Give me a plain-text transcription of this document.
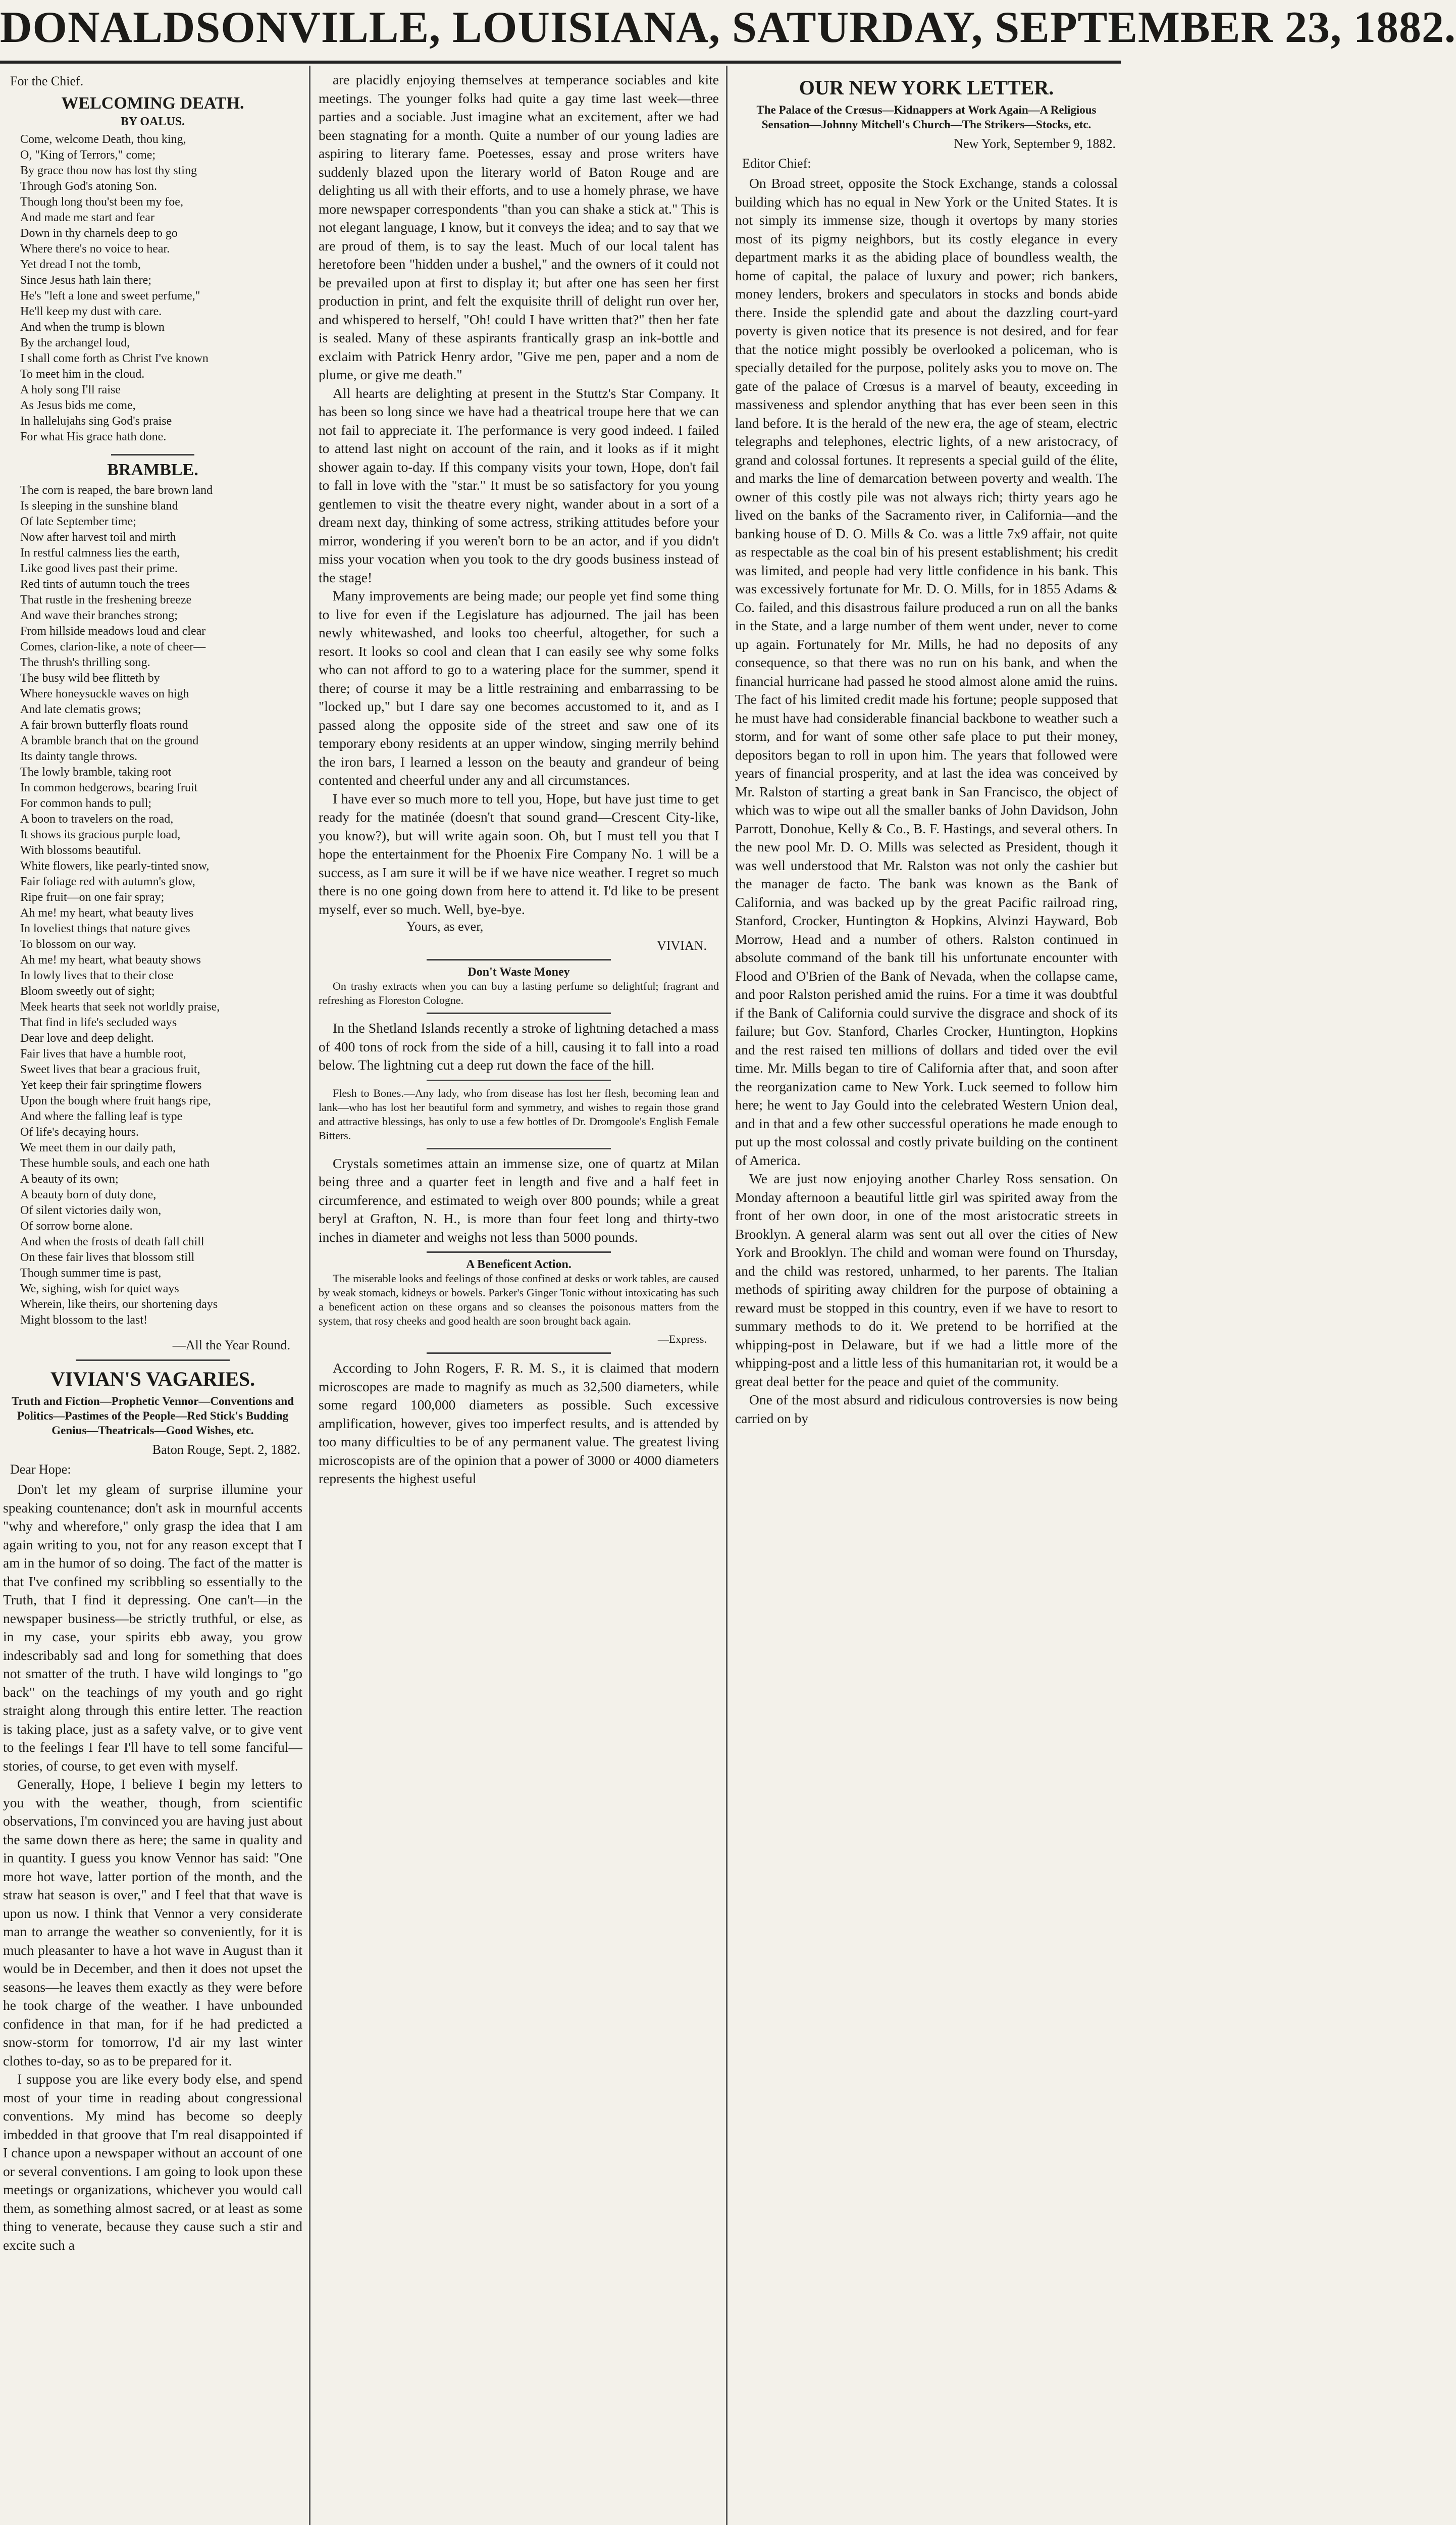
DONALDSONVILLE, LOUISIANA, SATURDAY, SEPTEMBER 23, 1882.
For the Chief.
WELCOMING DEATH.
BY OALUS.
Come, welcome Death, thou king,
O, "King of Terrors," come;
By grace thou now has lost thy sting
Through God's atoning Son.
Though long thou'st been my foe,
And made me start and fear
Down in thy charnels deep to go
Where there's no voice to hear.
Yet dread I not the tomb,
Since Jesus hath lain there;
He's "left a lone and sweet perfume,"
He'll keep my dust with care.
And when the trump is blown
By the archangel loud,
I shall come forth as Christ I've known
To meet him in the cloud.
A holy song I'll raise
As Jesus bids me come,
In hallelujahs sing God's praise
For what His grace hath done.
BRAMBLE.
The corn is reaped, the bare brown land
Is sleeping in the sunshine bland
Of late September time;
Now after harvest toil and mirth
In restful calmness lies the earth,
Like good lives past their prime.
Red tints of autumn touch the trees
That rustle in the freshening breeze
And wave their branches strong;
From hillside meadows loud and clear
Comes, clarion-like, a note of cheer—
The thrush's thrilling song.
The busy wild bee flitteth by
Where honeysuckle waves on high
And late clematis grows;
A fair brown butterfly floats round
A bramble branch that on the ground
Its dainty tangle throws.
The lowly bramble, taking root
In common hedgerows, bearing fruit
For common hands to pull;
A boon to travelers on the road,
It shows its gracious purple load,
With blossoms beautiful.
White flowers, like pearly-tinted snow,
Fair foliage red with autumn's glow,
Ripe fruit—on one fair spray;
Ah me! my heart, what beauty lives
In loveliest things that nature gives
To blossom on our way.
Ah me! my heart, what beauty shows
In lowly lives that to their close
Bloom sweetly out of sight;
Meek hearts that seek not worldly praise,
That find in life's secluded ways
Dear love and deep delight.
Fair lives that have a humble root,
Sweet lives that bear a gracious fruit,
Yet keep their fair springtime flowers
Upon the bough where fruit hangs ripe,
And where the falling leaf is type
Of life's decaying hours.
We meet them in our daily path,
These humble souls, and each one hath
A beauty of its own;
A beauty born of duty done,
Of silent victories daily won,
Of sorrow borne alone.
And when the frosts of death fall chill
On these fair lives that blossom still
Though summer time is past,
We, sighing, wish for quiet ways
Wherein, like theirs, our shortening days
Might blossom to the last!
—All the Year Round.
VIVIAN'S VAGARIES.
Truth and Fiction—Prophetic Vennor—Conventions and Politics—Pastimes of the People—Red Stick's Budding Genius—Theatricals—Good Wishes, etc.
Baton Rouge, Sept. 2, 1882.
Dear Hope:

Don't let my gleam of surprise illumine your speaking countenance; don't ask in mournful accents "why and wherefore," only grasp the idea that I am again writing to you, not for any reason except that I am in the humor of so doing. The fact of the matter is that I've confined my scribbling so essentially to the Truth, that I find it depressing. One can't—in the newspaper business—be strictly truthful, or else, as in my case, your spirits ebb away, you grow indescribably sad and long for something that does not smatter of the truth. I have wild longings to "go back" on the teachings of my youth and go right straight along through this entire letter. The reaction is taking place, just as a safety valve, or to give vent to the feelings I fear I'll have to tell some fanciful—stories, of course, to get even with myself.

Generally, Hope, I believe I begin my letters to you with the weather, though, from scientific observations, I'm convinced you are having just about the same down there as here; the same in quality and in quantity. I guess you know Vennor has said: "One more hot wave, latter portion of the month, and the straw hat season is over," and I feel that that wave is upon us now. I think that Vennor a very considerate man to arrange the weather so conveniently, for it is much pleasanter to have a hot wave in August than it would be in December, and then it does not upset the seasons—he leaves them exactly as they were before he took charge of the weather. I have unbounded confidence in that man, for if he had predicted a snow-storm for tomorrow, I'd air my last winter clothes to-day, so as to be prepared for it.

I suppose you are like every body else, and spend most of your time in reading about congressional conventions. My mind has become so deeply imbedded in that groove that I'm real disappointed if I chance upon a newspaper without an account of one or several conventions. I am going to look upon these meetings or organizations, whichever you would call them, as something almost sacred, or at least as some thing to venerate, because they cause such a stir and excite such a

are placidly enjoying themselves at temperance sociables and kite meetings. The younger folks had quite a gay time last week—three parties and a sociable. Just imagine what an excitement, after we had been stagnating for a month. Quite a number of our young ladies are aspiring to literary fame. Poetesses, essay and prose writers have suddenly blazed upon the literary world of Baton Rouge and are delighting us all with their efforts, and to use a homely phrase, we have more newspaper correspondents "than you can shake a stick at." This is not elegant language, I know, but it conveys the idea; and to say that we are proud of them, is to say the least. Much of our local talent has heretofore been "hidden under a bushel," and the owners of it could not be prevailed upon at first to display it; but after one has seen her first production in print, and felt the exquisite thrill of delight run over her, and whispered to herself, "Oh! could I have written that?" then her fate is sealed. Many of these aspirants frantically grasp an ink-bottle and exclaim with Patrick Henry ardor, "Give me pen, paper and a nom de plume, or give me death."

All hearts are delighting at present in the Stuttz's Star Company. It has been so long since we have had a theatrical troupe here that we can not fail to appreciate it. The performance is very good indeed. I failed to attend last night on account of the rain, and it looks as if it might shower again to-day. If this company visits your town, Hope, don't fail to fall in love with the "star." It must be so satisfactory for you young gentlemen to visit the theatre every night, wander about in a sort of a dream next day, thinking of some actress, striking attitudes before your mirror, wondering if you weren't born to be an actor, and if you didn't miss your vocation when you took to the dry goods business instead of the stage!

Many improvements are being made; our people yet find some thing to live for even if the Legislature has adjourned. The jail has been newly whitewashed, and looks too cheerful, altogether, for such a resort. It looks so cool and clean that I can easily see why some folks who can not afford to go to a watering place for the summer, spend it there; of course it may be a little restraining and embarrassing to be "locked up," but I dare say one becomes accustomed to it, and as I passed along the opposite side of the street and saw one of its temporary ebony residents at an upper window, singing merrily behind the iron bars, I learned a lesson on the beauty and grandeur of being contented and cheerful under any and all circumstances.

I have ever so much more to tell you, Hope, but have just time to get ready for the matinée (doesn't that sound grand—Crescent City-like, you know?), but will write again soon. Oh, but I must tell you that I hope the entertainment for the Phoenix Fire Company No. 1 will be a success, as I am sure it will be if we have nice weather. I regret so much there is no one going down from here to attend it. I'd like to be present myself, ever so much. Well, bye-bye.

Yours, as ever,
VIVIAN.
Don't Waste Money

On trashy extracts when you can buy a lasting perfume so delightful; fragrant and refreshing as Floreston Cologne.

In the Shetland Islands recently a stroke of lightning detached a mass of 400 tons of rock from the side of a hill, causing it to fall into a road below. The lightning cut a deep rut down the face of the hill.

Flesh to Bones.—Any lady, who from disease has lost her flesh, becoming lean and lank—who has lost her beautiful form and symmetry, and wishes to regain those grand and attractive blessings, has only to use a few bottles of Dr. Dromgoole's English Female Bitters.

Crystals sometimes attain an immense size, one of quartz at Milan being three and a quarter feet in length and five and a half feet in circumference, and estimated to weigh over 800 pounds; while a great beryl at Grafton, N. H., is more than four feet long and thirty-two inches in diameter and weighs not less than 5000 pounds.

A Beneficent Action.

The miserable looks and feelings of those confined at desks or work tables, are caused by weak stomach, kidneys or bowels. Parker's Ginger Tonic without intoxicating has such a beneficent action on these organs and so cleanses the poisonous matters from the system, that rosy cheeks and good health are soon brought back again.

—Express.

According to John Rogers, F. R. M. S., it is claimed that modern microscopes are made to magnify as much as 32,500 diameters, while some regard 100,000 diameters as possible. Such excessive amplification, however, gives too imperfect results, and is attended by too many difficulties to be of any permanent value. The greatest living microscopists are of the opinion that a power of 3000 or 4000 diameters represents the highest useful

OUR NEW YORK LETTER.
The Palace of the Crœsus—Kidnappers at Work Again—A Religious Sensation—Johnny Mitchell's Church—The Strikers—Stocks, etc.
New York, September 9, 1882.
Editor Chief:

On Broad street, opposite the Stock Exchange, stands a colossal building which has no equal in New York or the United States. It is not simply its immense size, though it overtops by many stories most of its pigmy neighbors, but its costly elegance in every department marks it as the abiding place of boundless wealth, the home of capital, the palace of luxury and power; rich bankers, money lenders, brokers and speculators in stocks and bonds abide there. Inside the splendid gate and about the dazzling court-yard poverty is given notice that its presence is not desired, and for fear that the notice might possibly be overlooked a policeman, who is specially detailed for the purpose, politely asks you to move on. The gate of the palace of Crœsus is a marvel of beauty, exceeding in massiveness and splendor anything that has ever been seen in this land before. It is the herald of the new era, the age of steam, electric telegraphs and telephones, electric lights, of a new aristocracy, of grand and colossal fortunes. It represents a special guild of the élite, and marks the line of demarcation between poverty and wealth. The owner of this costly pile was not always rich; thirty years ago he lived on the banks of the Sacramento river, in California—and the banking house of D. O. Mills & Co. was a little 7x9 affair, not quite as respectable as the coal bin of his present establishment; his credit was limited, and people had very little confidence in his bank. This was excessively fortunate for Mr. D. O. Mills, for in 1855 Adams & Co. failed, and this disastrous failure produced a run on all the banks in the State, and a large number of them went under, never to come up again. Fortunately for Mr. Mills, he had no deposits of any consequence, so that there was no run on his bank, and when the financial hurricane had passed he stood almost alone amid the ruins. The fact of his limited credit made his fortune; people supposed that he must have had considerable financial backbone to weather such a storm, and for want of some other safe place to put their money, depositors began to roll in upon him. The years that followed were years of financial prosperity, and at last the idea was conceived by Mr. Ralston of starting a great bank in San Francisco, the object of which was to wipe out all the smaller banks of John Davidson, John Parrott, Donohue, Kelly & Co., B. F. Hastings, and several others. In the new pool Mr. D. O. Mills was selected as President, though it was well understood that Mr. Ralston was not only the cashier but the manager de facto. The bank was known as the Bank of California, and was backed up by the great Pacific railroad ring, Stanford, Crocker, Huntington & Hopkins, Alvinzi Hayward, Bob Morrow, Head and a number of others. Ralston continued in absolute command of the bank till his unfortunate encounter with Flood and O'Brien of the Bank of Nevada, when the collapse came, and poor Ralston perished amid the ruins. For a time it was doubtful if the Bank of California could survive the disgrace and shock of its failure; but Gov. Stanford, Charles Crocker, Huntington, Hopkins and the rest raised ten millions of dollars and tided over the evil time. Mr. Mills began to tire of California after that, and soon after the reorganization came to New York. Luck seemed to follow him here; he went to Jay Gould into the celebrated Western Union deal, and in that and a few other successful operations he made enough to put up the most colossal and costly private building on the continent of America.

We are just now enjoying another Charley Ross sensation. On Monday afternoon a beautiful little girl was spirited away from the front of her own door, in one of the most aristocratic streets in Brooklyn. A general alarm was sent out all over the cities of New York and Brooklyn. The child and woman were found on Thursday, and the child was restored, unharmed, to her parents. The Italian methods of spiriting away children for the purpose of obtaining a reward must be stopped in this country, even if we have to resort to summary methods to do it. We pretend to be horrified at the whipping-post in Delaware, but if we had a little more of the whipping-post and a little less of this humanitarian rot, it would be a great deal better for the peace and quiet of the community.

One of the most absurd and ridiculous controversies is now being carried on by
